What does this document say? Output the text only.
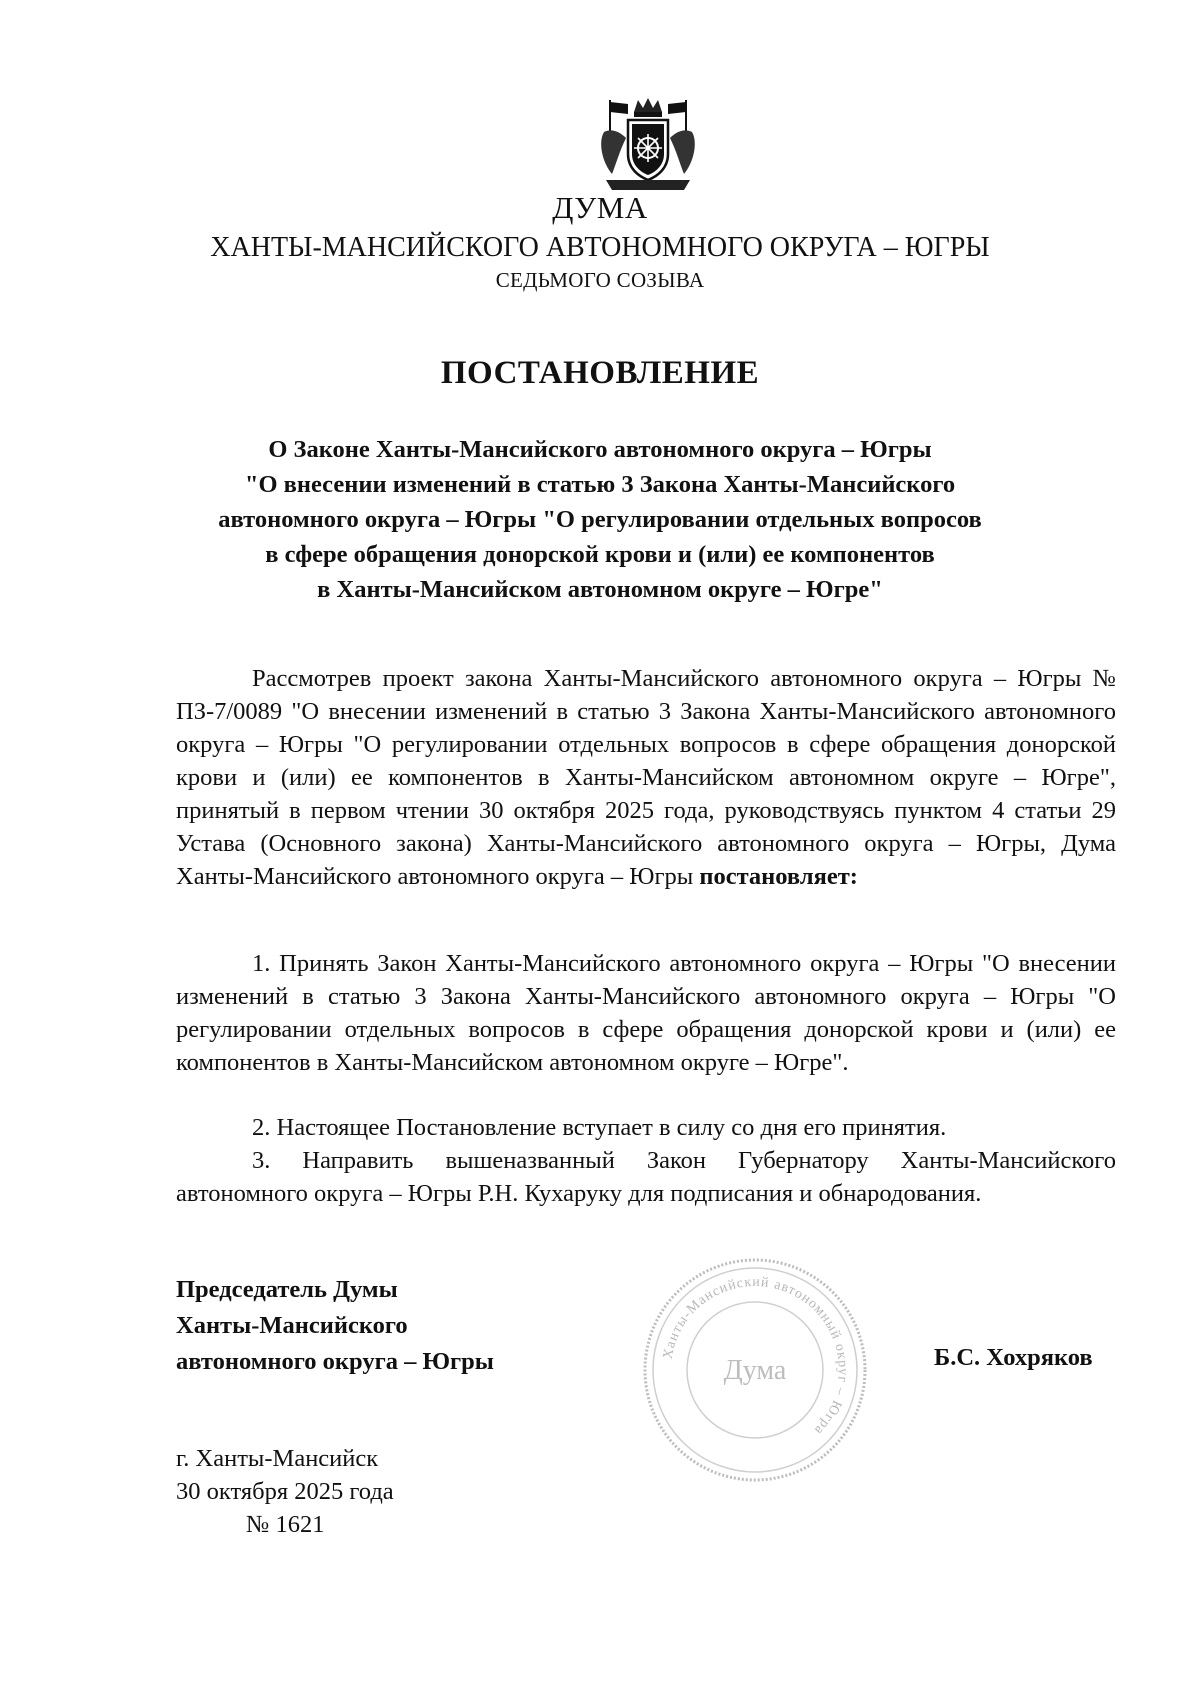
ДУМА
ХАНТЫ-МАНСИЙСКОГО АВТОНОМНОГО ОКРУГА – ЮГРЫ
СЕДЬМОГО СОЗЫВА
ПОСТАНОВЛЕНИЕ
О Законе Ханты-Мансийского автономного округа – Югры
"О внесении изменений в статью 3 Закона Ханты-Мансийского
автономного округа – Югры "О регулировании отдельных вопросов
в сфере обращения донорской крови и (или) ее компонентов
в Ханты-Мансийском автономном округе – Югре"

Рассмотрев проект закона Ханты-Мансийского автономного округа – Югры № ПЗ-7/0089 "О внесении изменений в статью 3 Закона Ханты-Мансийского автономного округа – Югры "О регулировании отдельных вопросов в сфере обращения донорской крови и (или) ее компонентов в Ханты-Мансийском автономном округе – Югре", принятый в первом чтении 30 октября 2025 года, руководствуясь пунктом 4 статьи 29 Устава (Основного закона) Ханты-Мансийского автономного округа – Югры, Дума Ханты-Мансийского автономного округа – Югры постановляет:

1. Принять Закон Ханты-Мансийского автономного округа – Югры "О внесении изменений в статью 3 Закона Ханты-Мансийского автономного округа – Югры "О регулировании отдельных вопросов в сфере обращения донорской крови и (или) ее компонентов в Ханты-Мансийском автономном округе – Югре".

2. Настоящее Постановление вступает в силу со дня его принятия.

3. Направить вышеназванный Закон Губернатору Ханты-Мансийского автономного округа – Югры Р.Н. Кухаруку для подписания и обнародования.

Председатель Думы
Ханты-Мансийского
автономного округа – Югры	Ханты-Мансийский автономный округ – Югра
Дума	Б.С. Хохряков
г. Ханты-Мансийск
30 октября 2025 года
№ 1621
